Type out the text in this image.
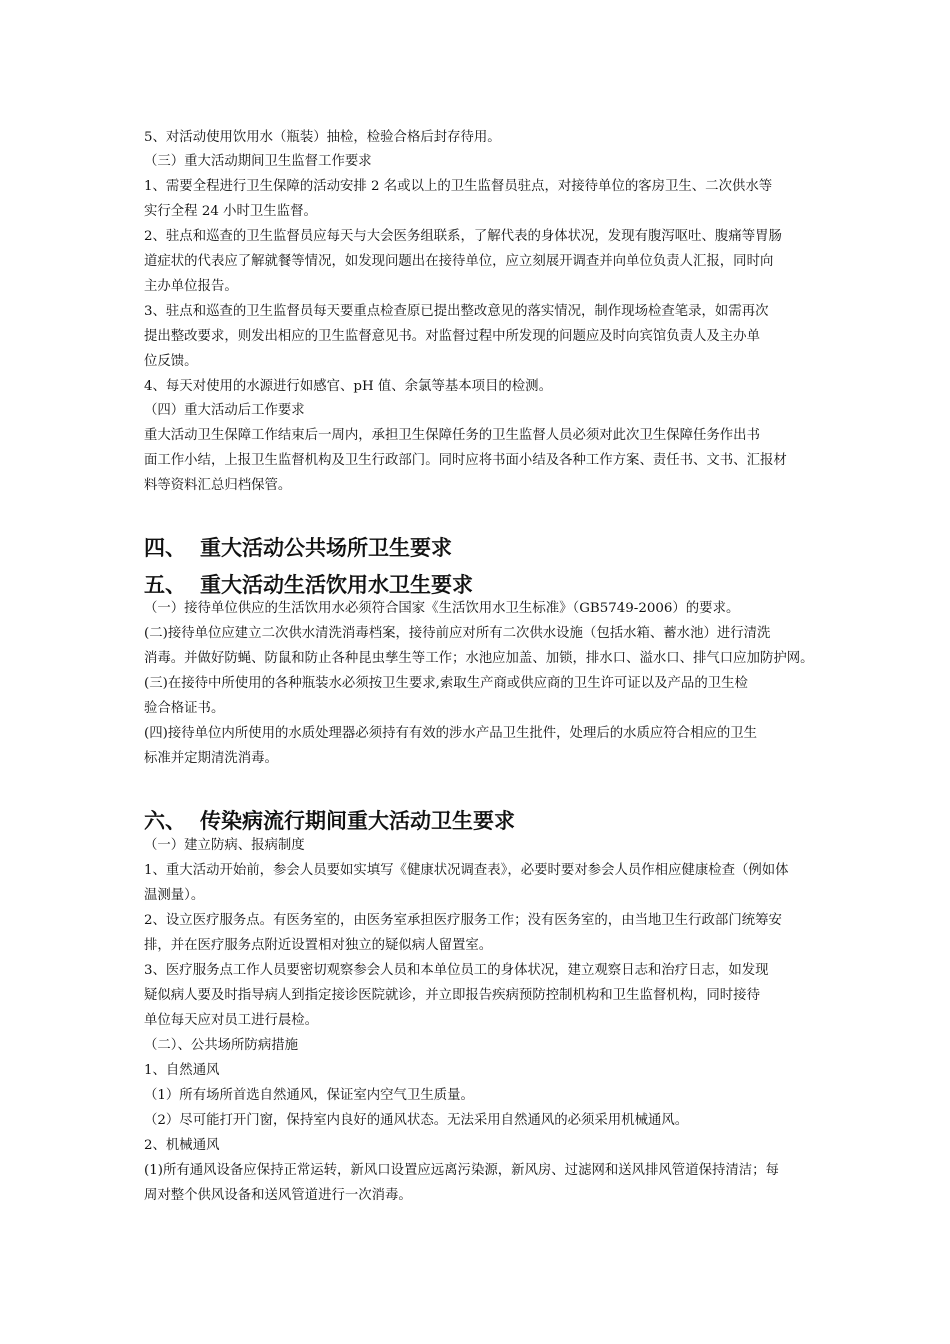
5、对活动使用饮用水（瓶装）抽检，检验合格后封存待用。
（三）重大活动期间卫生监督工作要求
1、需要全程进行卫生保障的活动安排 2 名或以上的卫生监督员驻点，对接待单位的客房卫生、二次供水等
实行全程 24 小时卫生监督。
2、驻点和巡查的卫生监督员应每天与大会医务组联系，了解代表的身体状况，发现有腹泻呕吐、腹痛等胃肠
道症状的代表应了解就餐等情况，如发现问题出在接待单位，应立刻展开调查并向单位负责人汇报，同时向
主办单位报告。
3、驻点和巡查的卫生监督员每天要重点检查原已提出整改意见的落实情况，制作现场检查笔录，如需再次
提出整改要求，则发出相应的卫生监督意见书。对监督过程中所发现的问题应及时向宾馆负责人及主办单
位反馈。
4、每天对使用的水源进行如感官、pH 值、余氯等基本项目的检测。
（四）重大活动后工作要求
重大活动卫生保障工作结束后一周内，承担卫生保障任务的卫生监督人员必须对此次卫生保障任务作出书
面工作小结，上报卫生监督机构及卫生行政部门。同时应将书面小结及各种工作方案、责任书、文书、汇报材
料等资料汇总归档保管。
四、 重大活动公共场所卫生要求
五、 重大活动生活饮用水卫生要求
（一）接待单位供应的生活饮用水必须符合国家《生活饮用水卫生标准》（GB5749-2006）的要求。
(二)接待单位应建立二次供水清洗消毒档案，接待前应对所有二次供水设施（包括水箱、蓄水池）进行清洗
消毒。并做好防蝇、防鼠和防止各种昆虫孳生等工作；水池应加盖、加锁，排水口、溢水口、排气口应加防护网。
(三)在接待中所使用的各种瓶装水必须按卫生要求,索取生产商或供应商的卫生许可证以及产品的卫生检
验合格证书。
(四)接待单位内所使用的水质处理器必须持有有效的涉水产品卫生批件，处理后的水质应符合相应的卫生
标准并定期清洗消毒。
六、 传染病流行期间重大活动卫生要求
（一）建立防病、报病制度
1、重大活动开始前，参会人员要如实填写《健康状况调查表》，必要时要对参会人员作相应健康检查（例如体
温测量）。
2、设立医疗服务点。有医务室的，由医务室承担医疗服务工作；没有医务室的，由当地卫生行政部门统筹安
排，并在医疗服务点附近设置相对独立的疑似病人留置室。
3、医疗服务点工作人员要密切观察参会人员和本单位员工的身体状况，建立观察日志和治疗日志，如发现
疑似病人要及时指导病人到指定接诊医院就诊，并立即报告疾病预防控制机构和卫生监督机构，同时接待
单位每天应对员工进行晨检。
（二）、公共场所防病措施
1、自然通风
（1）所有场所首选自然通风，保证室内空气卫生质量。
（2）尽可能打开门窗，保持室内良好的通风状态。无法采用自然通风的必须采用机械通风。
2、机械通风
(1)所有通风设备应保持正常运转，新风口设置应远离污染源，新风房、过滤网和送风排风管道保持清洁；每
周对整个供风设备和送风管道进行一次消毒。
